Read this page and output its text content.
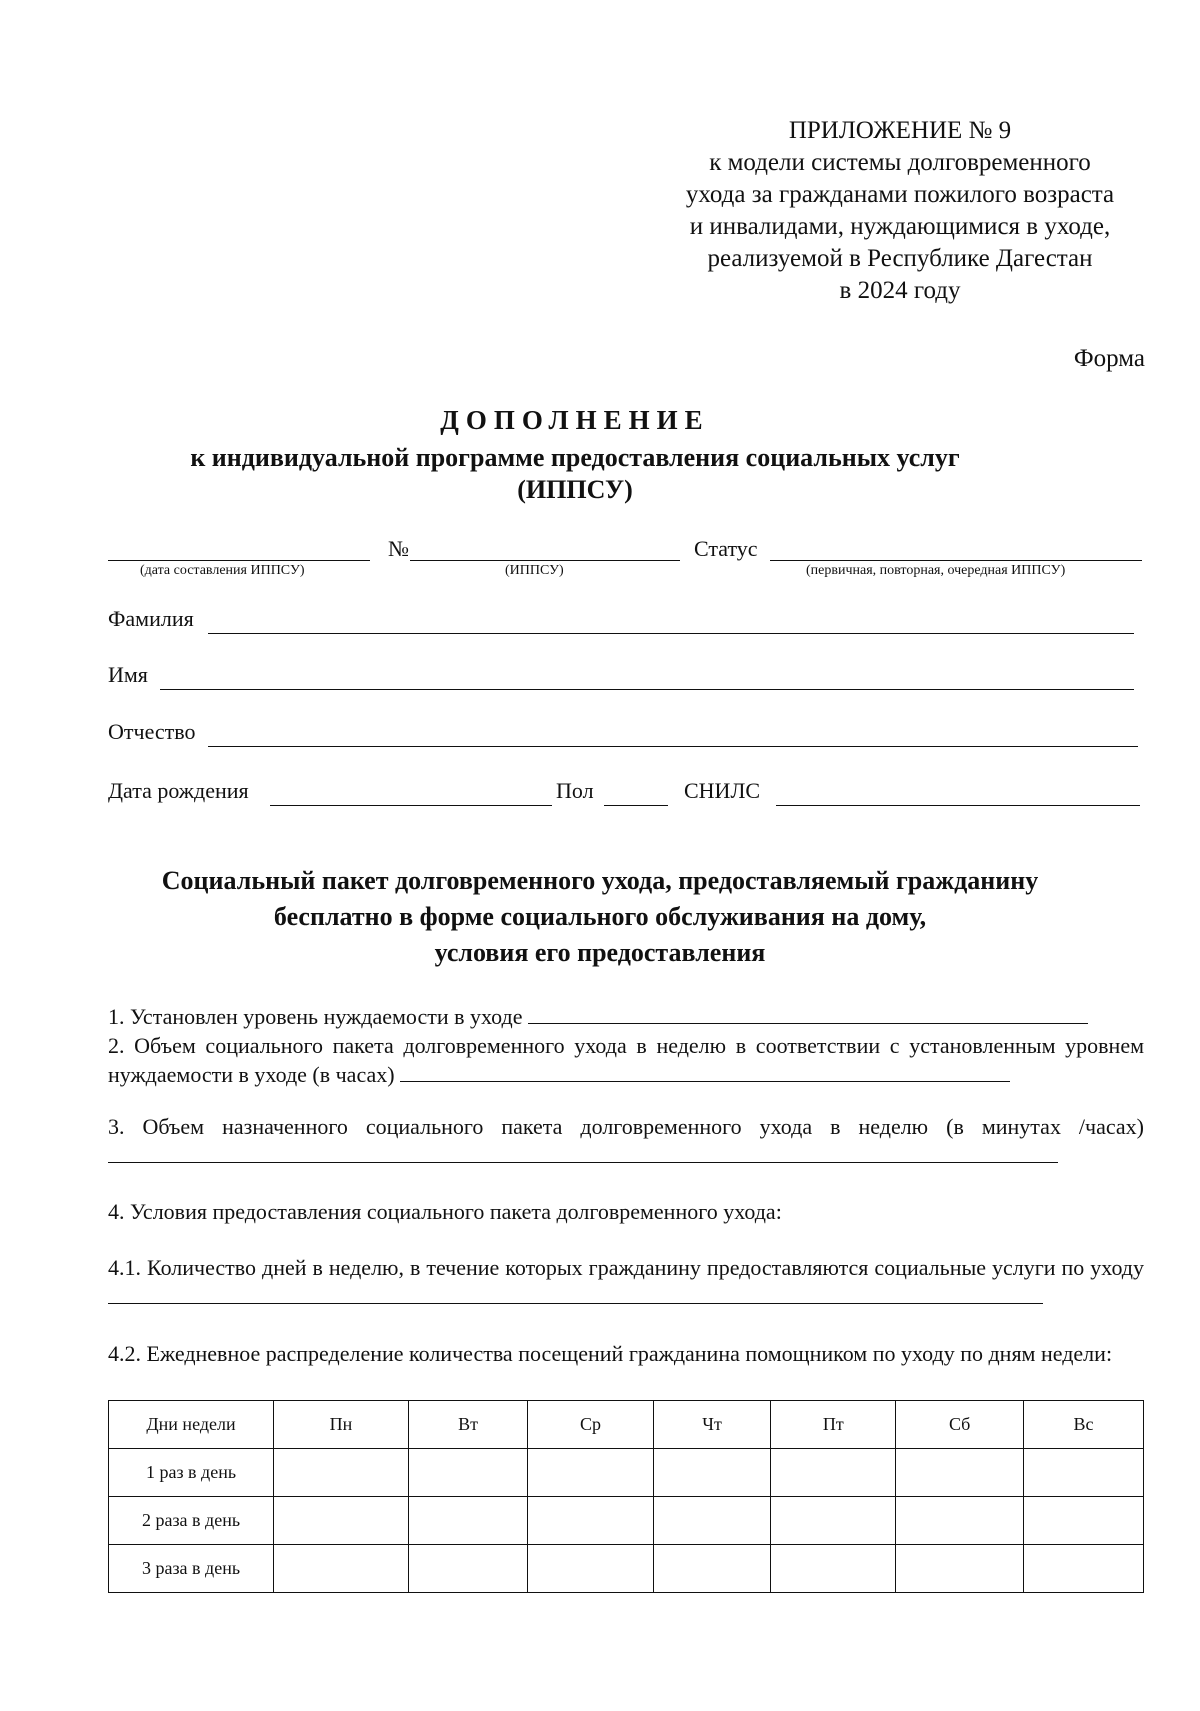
ПРИЛОЖЕНИЕ № 9
к модели системы долговременного
ухода за гражданами пожилого возраста
и инвалидами, нуждающимися в уходе,
реализуемой в Республике Дагестан
в 2024 году
Форма
ДОПОЛНЕНИЕ
к индивидуальной программе предоставления социальных услуг
(ИППСУ)
№	Статус
(дата составления ИППСУ)	(ИППСУ)	(первичная, повторная, очередная ИППСУ)
Фамилия
Имя
Отчество
Дата рождения	Пол	СНИЛС
Социальный пакет долговременного ухода, предоставляемый гражданину
бесплатно в форме социального обслуживания на дому,
условия его предоставления
1. Установлен уровень нуждаемости в уходе
2. Объем социального пакета долговременного ухода в неделю в соответствии с установленным уровнем нуждаемости в уходе (в часах)
3. Объем назначенного социального пакета долговременного ухода в неделю (в минутах /часах)
4. Условия предоставления социального пакета долговременного ухода:
4.1. Количество дней в неделю, в течение которых гражданину предоставляются социальные услуги по уходу
4.2. Ежедневное распределение количества посещений гражданина помощником по уходу по дням недели:
Дни недели	Пн	Вт	Ср	Чт	Пт	Сб	Вс
1 раз в день							
2 раза в день							
3 раза в день							
